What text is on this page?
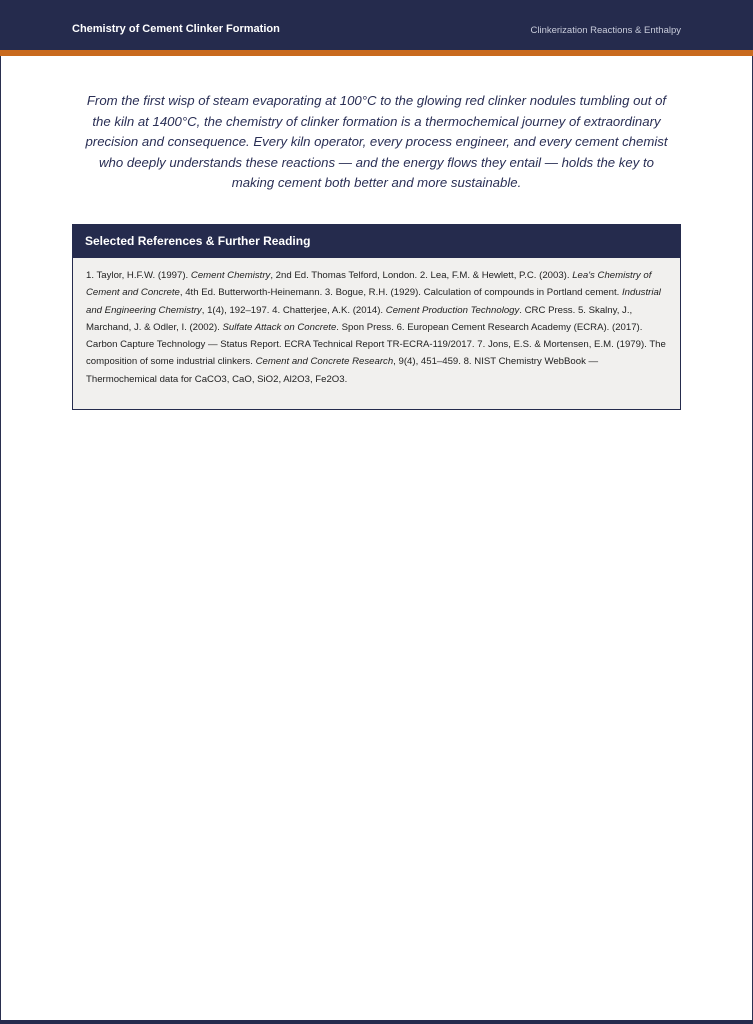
Chemistry of Cement Clinker Formation	Clinkerization Reactions & Enthalpy

From the first wisp of steam evaporating at 100°C to the glowing red clinker nodules tumbling out of the kiln at 1400°C, the chemistry of clinker formation is a thermochemical journey of extraordinary precision and consequence. Every kiln operator, every process engineer, and every cement chemist who deeply understands these reactions — and the energy flows they entail — holds the key to making cement both better and more sustainable.

Selected References & Further Reading
1. Taylor, H.F.W. (1997). Cement Chemistry, 2nd Ed. Thomas Telford, London. 2. Lea, F.M. & Hewlett, P.C. (2003). Lea's Chemistry of Cement and Concrete, 4th Ed. Butterworth-Heinemann. 3. Bogue, R.H. (1929). Calculation of compounds in Portland cement. Industrial and Engineering Chemistry, 1(4), 192–197. 4. Chatterjee, A.K. (2014). Cement Production Technology. CRC Press. 5. Skalny, J., Marchand, J. & Odler, I. (2002). Sulfate Attack on Concrete. Spon Press. 6. European Cement Research Academy (ECRA). (2017). Carbon Capture Technology — Status Report. ECRA Technical Report TR-ECRA-119/2017. 7. Jons, E.S. & Mortensen, E.M. (1979). The composition of some industrial clinkers. Cement and Concrete Research, 9(4), 451–459. 8. NIST Chemistry WebBook — Thermochemical data for CaCO3, CaO, SiO2, Al2O3, Fe2O3.
